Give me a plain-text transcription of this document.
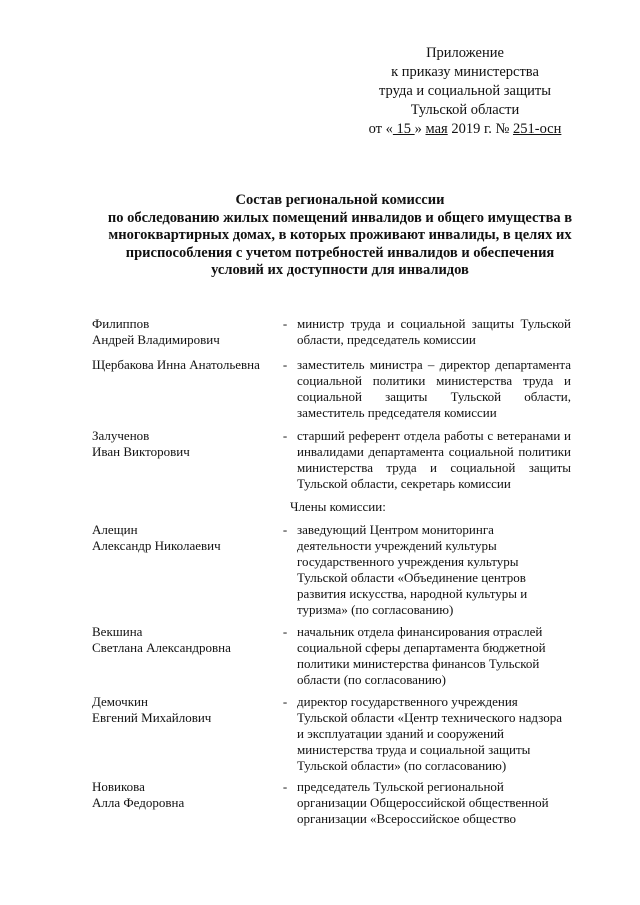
Приложение
к приказу министерства
труда и социальной защиты
Тульской области
от « 15 » мая 2019 г. № 251-осн
Состав региональной комиссии
по обследованию жилых помещений инвалидов и общего имущества в
многоквартирных домах, в которых проживают инвалиды, в целях их
приспособления с учетом потребностей инвалидов и обеспечения
условий их доступности для инвалидов
Филиппов
Андрей Владимирович
- министр труда и социальной защиты Тульской области, председатель комиссии
Щербакова Инна Анатольевна	- заместитель министра – директор департамента социальной политики министерства труда и социальной защиты Тульской области, заместитель председателя комиссии
Залученов
Иван Викторович
- старший референт отдела работы с ветеранами и инвалидами департамента социальной политики министерства труда и социальной защиты Тульской области, секретарь комиссии
Члены комиссии:
Алещин
Александр Николаевич
- заведующий Центром мониторинга деятельности учреждений культуры государственного учреждения культуры Тульской области «Объединение центров развития искусства, народной культуры и туризма» (по согласованию)
Векшина
Светлана Александровна
- начальник отдела финансирования отраслей социальной сферы департамента бюджетной политики министерства финансов Тульской области (по согласованию)
Демочкин
Евгений Михайлович
- директор государственного учреждения Тульской области «Центр технического надзора и эксплуатации зданий и сооружений министерства труда и социальной защиты Тульской области» (по согласованию)
Новикова
Алла Федоровна
- председатель Тульской региональной организации Общероссийской общественной организации «Всероссийское общество
